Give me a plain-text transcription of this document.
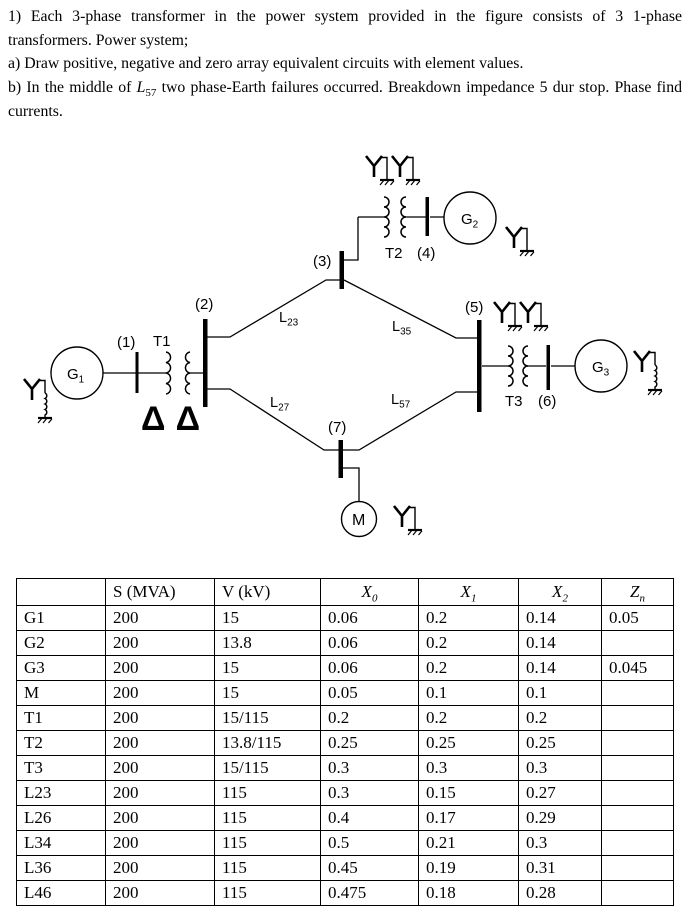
1) Each 3-phase transformer in the power system provided in the figure consists of 3 1-phase transformers. Power system;

a) Draw positive, negative and zero array equivalent circuits with element values.

b) In the middle of $L_{57}$ two phase-Earth failures occurred. Breakdown impedance 5 dur stop. Phase find currents.

$G_1$
T1
Δ Δ
(1)
(2)
(3)	(4)
(5)
(6)
(7)
$L_{23}$	$L_{35}$
$L_{27}$	$L_{57}$
T2
$G_2$
T3
$G_3$
M
	S (MVA)	V (kV)	$X_0$	$X_1$	$X_2$	$Z_n$
G1	200	15	0.06	0.2	0.14	0.05
G2	200	13.8	0.06	0.2	0.14	
G3	200	15	0.06	0.2	0.14	0.045
M	200	15	0.05	0.1	0.1	
T1	200	15/115	0.2	0.2	0.2	
T2	200	13.8/115	0.25	0.25	0.25	
T3	200	15/115	0.3	0.3	0.3	
L23	200	115	0.3	0.15	0.27	
L26	200	115	0.4	0.17	0.29	
L34	200	115	0.5	0.21	0.3	
L36	200	115	0.45	0.19	0.31	
L46	200	115	0.475	0.18	0.28	
